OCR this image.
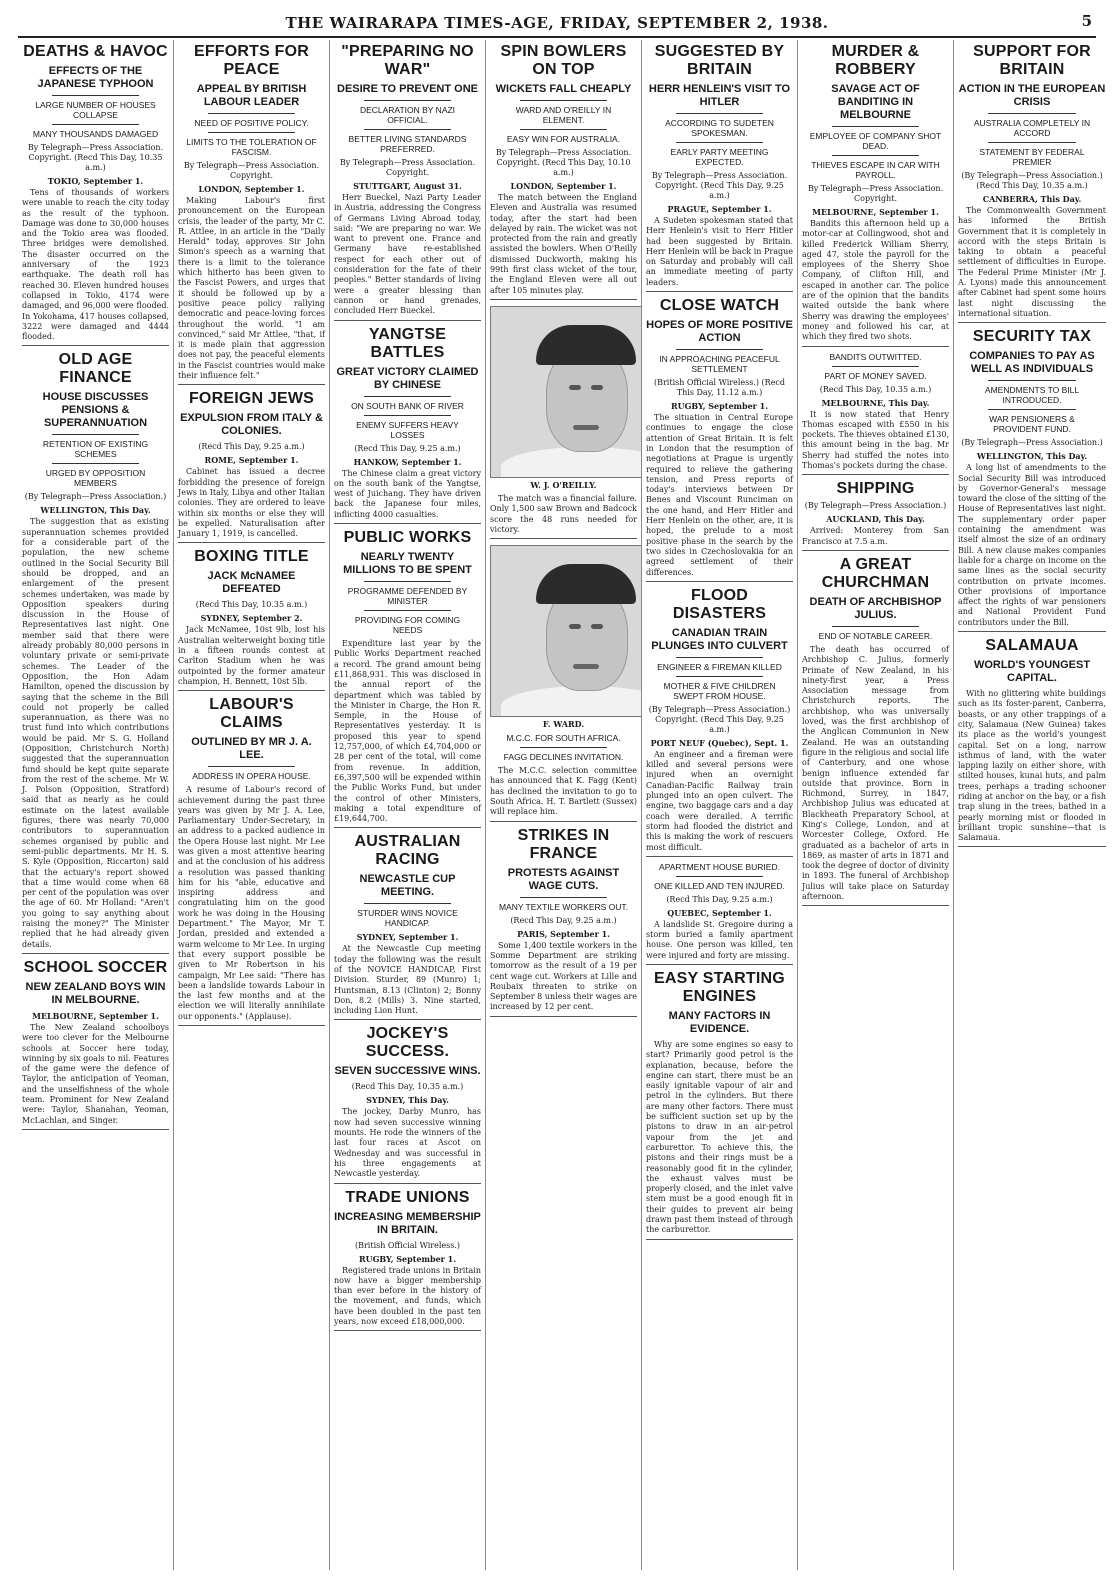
THE WAIRARAPA TIMES-AGE, FRIDAY, SEPTEMBER 2, 1938.	5
DEATHS & HAVOC
EFFECTS OF THE JAPANESE TYPHOON
LARGE NUMBER OF HOUSES COLLAPSE
MANY THOUSANDS DAMAGED
By Telegraph—Press Association. Copyright. (Recd This Day, 10.35 a.m.)
TOKIO, September 1.

Tens of thousands of workers were unable to reach the city today as the result of the typhoon. Damage was done to 30,000 houses and the Tokio area was flooded. Three bridges were demolished. The disaster occurred on the anniversary of the 1923 earthquake. The death roll has reached 30. Eleven hundred houses collapsed in Tokio, 4174 were damaged, and 96,000 were flooded. In Yokohama, 417 houses collapsed, 3222 were damaged and 4444 flooded.

OLD AGE FINANCE
HOUSE DISCUSSES PENSIONS & SUPERANNUATION
RETENTION OF EXISTING SCHEMES
URGED BY OPPOSITION MEMBERS
(By Telegraph—Press Association.)
WELLINGTON, This Day.

The suggestion that as existing superannuation schemes provided for a considerable part of the population, the new scheme outlined in the Social Security Bill should be dropped, and an enlargement of the present schemes undertaken, was made by Opposition speakers during discussion in the House of Representatives last night. One member said that there were already probably 80,000 persons in voluntary private or semi-private schemes. The Leader of the Opposition, the Hon Adam Hamilton, opened the discussion by saying that the scheme in the Bill could not properly be called superannuation, as there was no trust fund into which contributions would be paid. Mr S. G. Holland (Opposition, Christchurch North) suggested that the superannuation fund should be kept quite separate from the rest of the scheme. Mr W. J. Polson (Opposition, Stratford) said that as nearly as he could estimate on the latest available figures, there was nearly 70,000 contributors to superannuation schemes organised by public and semi-public departments. Mr H. S. S. Kyle (Opposition, Riccarton) said that the actuary's report showed that a time would come when 68 per cent of the population was over the age of 60. Mr Holland: "Aren't you going to say anything about raising the money?" The Minister replied that he had already given details.

SCHOOL SOCCER
NEW ZEALAND BOYS WIN IN MELBOURNE.
MELBOURNE, September 1.

The New Zealand schoolboys were too clever for the Melbourne schools at Soccer here today, winning by six goals to nil. Features of the game were the defence of Taylor, the anticipation of Yeoman, and the unselfishness of the whole team. Prominent for New Zealand were: Taylor, Shanahan, Yeoman, McLachlan, and Singer.

EFFORTS FOR PEACE
APPEAL BY BRITISH LABOUR LEADER
NEED OF POSITIVE POLICY.
LIMITS TO THE TOLERATION OF FASCISM.
By Telegraph—Press Association. Copyright.
LONDON, September 1.

Making Labour's first pronouncement on the European crisis, the leader of the party, Mr C. R. Attlee, in an article in the "Daily Herald" today, approves Sir John Simon's speech as a warning that there is a limit to the tolerance which hitherto has been given to the Fascist Powers, and urges that it should be followed up by a positive peace policy rallying democratic and peace-loving forces throughout the world. "I am convinced," said Mr Attlee, "that, if it is made plain that aggression does not pay, the peaceful elements in the Fascist countries would make their influence felt."

FOREIGN JEWS
EXPULSION FROM ITALY & COLONIES.
(Recd This Day, 9.25 a.m.)
ROME, September 1.

Cabinet has issued a decree forbidding the presence of foreign Jews in Italy, Libya and other Italian colonies. They are ordered to leave within six months or else they will be expelled. Naturalisation after January 1, 1919, is cancelled.

BOXING TITLE
JACK McNAMEE DEFEATED
(Recd This Day, 10.35 a.m.)
SYDNEY, September 2.

Jack McNamee, 10st 9lb, lost his Australian welterweight boxing title in a fifteen rounds contest at Carlton Stadium when he was outpointed by the former amateur champion, H. Bennett, 10st 5lb.

LABOUR'S CLAIMS
OUTLINED BY MR J. A. LEE.
ADDRESS IN OPERA HOUSE.

A resume of Labour's record of achievement during the past three years was given by Mr J. A. Lee, Parliamentary Under-Secretary, in an address to a packed audience in the Opera House last night. Mr Lee was given a most attentive hearing and at the conclusion of his address a resolution was passed thanking him for his "able, educative and inspiring address and congratulating him on the good work he was doing in the Housing Department." The Mayor, Mr T. Jordan, presided and extended a warm welcome to Mr Lee. In urging that every support possible be given to Mr Robertson in his campaign, Mr Lee said: "There has been a landslide towards Labour in the last few months and at the election we will literally annihilate our opponents." (Applause).

"PREPARING NO WAR"
DESIRE TO PREVENT ONE
DECLARATION BY NAZI OFFICIAL.
BETTER LIVING STANDARDS PREFERRED.
By Telegraph—Press Association. Copyright.
STUTTGART, August 31.

Herr Bueckel, Nazi Party Leader in Austria, addressing the Congress of Germans Living Abroad today, said: "We are preparing no war. We want to prevent one. France and Germany have re-established respect for each other out of consideration for the fate of their peoples." Better standards of living were a greater blessing than cannon or hand grenades, concluded Herr Bueckel.

YANGTSE BATTLES
GREAT VICTORY CLAIMED BY CHINESE
ON SOUTH BANK OF RIVER
ENEMY SUFFERS HEAVY LOSSES
(Recd This Day, 9.25 a.m.)
HANKOW, September 1.

The Chinese claim a great victory on the south bank of the Yangtse, west of Juichang. They have driven back the Japanese four miles, inflicting 4000 casualties.

PUBLIC WORKS
NEARLY TWENTY MILLIONS TO BE SPENT
PROGRAMME DEFENDED BY MINISTER
PROVIDING FOR COMING NEEDS

Expenditure last year by the Public Works Department reached a record. The grand amount being £11,868,931. This was disclosed in the annual report of the department which was tabled by the Minister in Charge, the Hon R. Semple, in the House of Representatives yesterday. It is proposed this year to spend 12,757,000, of which £4,704,000 or 28 per cent of the total, will come from revenue. In addition, £6,397,500 will be expended within the Public Works Fund, but under the control of other Ministers, making a total expenditure of £19,644,700.

AUSTRALIAN RACING
NEWCASTLE CUP MEETING.
STURDER WINS NOVICE HANDICAP.
SYDNEY, September 1.

At the Newcastle Cup meeting today the following was the result of the NOVICE HANDICAP, First Division. Sturder, 89 (Munro) 1; Huntsman, 8.13 (Clinton) 2; Bonny Don, 8.2 (Mills) 3. Nine started, including Lion Hunt.

JOCKEY'S SUCCESS.
SEVEN SUCCESSIVE WINS.
(Recd This Day, 10.35 a.m.)
SYDNEY, This Day.

The jockey, Darby Munro, has now had seven successive winning mounts. He rode the winners of the last four races at Ascot on Wednesday and was successful in his three engagements at Newcastle yesterday.

TRADE UNIONS
INCREASING MEMBERSHIP IN BRITAIN.
(British Official Wireless.)
RUGBY, September 1.

Registered trade unions in Britain now have a bigger membership than ever before in the history of the movement, and funds, which have been doubled in the past ten years, now exceed £18,000,000.

SPIN BOWLERS ON TOP
WICKETS FALL CHEAPLY
WARD AND O'REILLY IN ELEMENT.
EASY WIN FOR AUSTRALIA.
By Telegraph—Press Association. Copyright. (Recd This Day, 10.10 a.m.)
LONDON, September 1.

The match between the England Eleven and Australia was resumed today, after the start had been delayed by rain. The wicket was not protected from the rain and greatly assisted the bowlers. When O'Reilly dismissed Duckworth, making his 99th first class wicket of the tour, the England Eleven were all out after 105 minutes play.

W. J. O'REILLY.

The match was a financial failure. Only 1,500 saw Brown and Badcock score the 48 runs needed for victory.

F. WARD.
M.C.C. FOR SOUTH AFRICA.
FAGG DECLINES INVITATION.

The M.C.C. selection committee has announced that K. Fagg (Kent) has declined the invitation to go to South Africa. H. T. Bartlett (Sussex) will replace him.

STRIKES IN FRANCE
PROTESTS AGAINST WAGE CUTS.
MANY TEXTILE WORKERS OUT.
(Recd This Day, 9.25 a.m.)
PARIS, September 1.

Some 1,400 textile workers in the Somme Department are striking tomorrow as the result of a 19 per cent wage cut. Workers at Lille and Roubaix threaten to strike on September 8 unless their wages are increased by 12 per cent.

SUGGESTED BY BRITAIN
HERR HENLEIN'S VISIT TO HITLER
ACCORDING TO SUDETEN SPOKESMAN.
EARLY PARTY MEETING EXPECTED.
By Telegraph—Press Association. Copyright. (Recd This Day, 9.25 a.m.)
PRAGUE, September 1.

A Sudeten spokesman stated that Herr Henlein's visit to Herr Hitler had been suggested by Britain. Herr Henlein will be back in Prague on Saturday and probably will call an immediate meeting of party leaders.

CLOSE WATCH
HOPES OF MORE POSITIVE ACTION
IN APPROACHING PEACEFUL SETTLEMENT
(British Official Wireless.) (Recd This Day, 11.12 a.m.)
RUGBY, September 1.

The situation in Central Europe continues to engage the close attention of Great Britain. It is felt in London that the resumption of negotiations at Prague is urgently required to relieve the gathering tension, and Press reports of today's interviews between Dr Benes and Viscount Runciman on the one hand, and Herr Hitler and Herr Henlein on the other, are, it is hoped, the prelude to a most positive phase in the search by the two sides in Czechoslovakia for an agreed settlement of their differences.

FLOOD DISASTERS
CANADIAN TRAIN PLUNGES INTO CULVERT
ENGINEER & FIREMAN KILLED
MOTHER & FIVE CHILDREN SWEPT FROM HOUSE.
(By Telegraph—Press Association.) Copyright. (Recd This Day, 9.25 a.m.)
PORT NEUF (Quebec), Sept. 1.

An engineer and a fireman were killed and several persons were injured when an overnight Canadian-Pacific Railway train plunged into an open culvert. The engine, two baggage cars and a day coach were derailed. A terrific storm had flooded the district and this is making the work of rescuers most difficult.

APARTMENT HOUSE BURIED.
ONE KILLED AND TEN INJURED.
(Recd This Day, 9.25 a.m.)
QUEBEC, September 1.

A landslide St. Gregoire during a storm buried a family apartment house. One person was killed, ten were injured and forty are missing.

EASY STARTING ENGINES
MANY FACTORS IN EVIDENCE.

Why are some engines so easy to start? Primarily good petrol is the explanation, because, before the engine can start, there must be an easily ignitable vapour of air and petrol in the cylinders. But there are many other factors. There must be sufficient suction set up by the pistons to draw in an air-petrol vapour from the jet and carburettor. To achieve this, the pistons and their rings must be a reasonably good fit in the cylinder, the exhaust valves must be properly closed, and the inlet valve stem must be a good enough fit in their guides to prevent air being drawn past them instead of through the carburettor.

MURDER & ROBBERY
SAVAGE ACT OF BANDITING IN MELBOURNE
EMPLOYEE OF COMPANY SHOT DEAD.
THIEVES ESCAPE IN CAR WITH PAYROLL.
By Telegraph—Press Association. Copyright.
MELBOURNE, September 1.

Bandits this afternoon held up a motor-car at Collingwood, shot and killed Frederick William Sherry, aged 47, stole the payroll for the employees of the Sherry Shoe Company, of Clifton Hill, and escaped in another car. The police are of the opinion that the bandits waited outside the bank where Sherry was drawing the employees' money and followed his car, at which they fired two shots.

BANDITS OUTWITTED.
PART OF MONEY SAVED.
(Recd This Day, 10.35 a.m.)
MELBOURNE, This Day.

It is now stated that Henry Thomas escaped with £550 in his pockets. The thieves obtained £130, this amount being in the bag. Mr Sherry had stuffed the notes into Thomas's pockets during the chase.

SHIPPING
(By Telegraph—Press Association.)
AUCKLAND, This Day.

Arrived: Monterey from San Francisco at 7.5 a.m.

A GREAT CHURCHMAN
DEATH OF ARCHBISHOP JULIUS.
END OF NOTABLE CAREER.

The death has occurred of Archbishop C. Julius, formerly Primate of New Zealand, in his ninety-first year, a Press Association message from Christchurch reports. The archbishop, who was universally loved, was the first archbishop of the Anglican Communion in New Zealand. He was an outstanding figure in the religious and social life of Canterbury, and one whose benign influence extended far outside that province. Born in Richmond, Surrey, in 1847, Archbishop Julius was educated at Blackheath Preparatory School, at King's College, London, and at Worcester College, Oxford. He graduated as a bachelor of arts in 1869, as master of arts in 1871 and took the degree of doctor of divinity in 1893. The funeral of Archbishop Julius will take place on Saturday afternoon.

SUPPORT FOR BRITAIN
ACTION IN THE EUROPEAN CRISIS
AUSTRALIA COMPLETELY IN ACCORD
STATEMENT BY FEDERAL PREMIER
(By Telegraph—Press Association.) (Recd This Day, 10.35 a.m.)
CANBERRA, This Day.

The Commonwealth Government has informed the British Government that it is completely in accord with the steps Britain is taking to obtain a peaceful settlement of difficulties in Europe. The Federal Prime Minister (Mr J. A. Lyons) made this announcement after Cabinet had spent some hours last night discussing the international situation.

SECURITY TAX
COMPANIES TO PAY AS WELL AS INDIVIDUALS
AMENDMENTS TO BILL INTRODUCED.
WAR PENSIONERS & PROVIDENT FUND.
(By Telegraph—Press Association.)
WELLINGTON, This Day.

A long list of amendments to the Social Security Bill was introduced by Governor-General's message toward the close of the sitting of the House of Representatives last night. The supplementary order paper containing the amendment was itself almost the size of an ordinary Bill. A new clause makes companies liable for a charge on income on the same lines as the social security contribution on private incomes. Other provisions of importance affect the rights of war pensioners and National Provident Fund contributors under the Bill.

SALAMAUA
WORLD'S YOUNGEST CAPITAL.

With no glittering white buildings such as its foster-parent, Canberra, boasts, or any other trappings of a city, Salamaua (New Guinea) takes its place as the world's youngest capital. Set on a long, narrow isthmus of land, with the water lapping lazily on either shore, with stilted houses, kunai huts, and palm trees, perhaps a trading schooner riding at anchor on the bay, or a fish trap slung in the trees, bathed in a pearly morning mist or flooded in brilliant tropic sunshine—that is Salamaua.
